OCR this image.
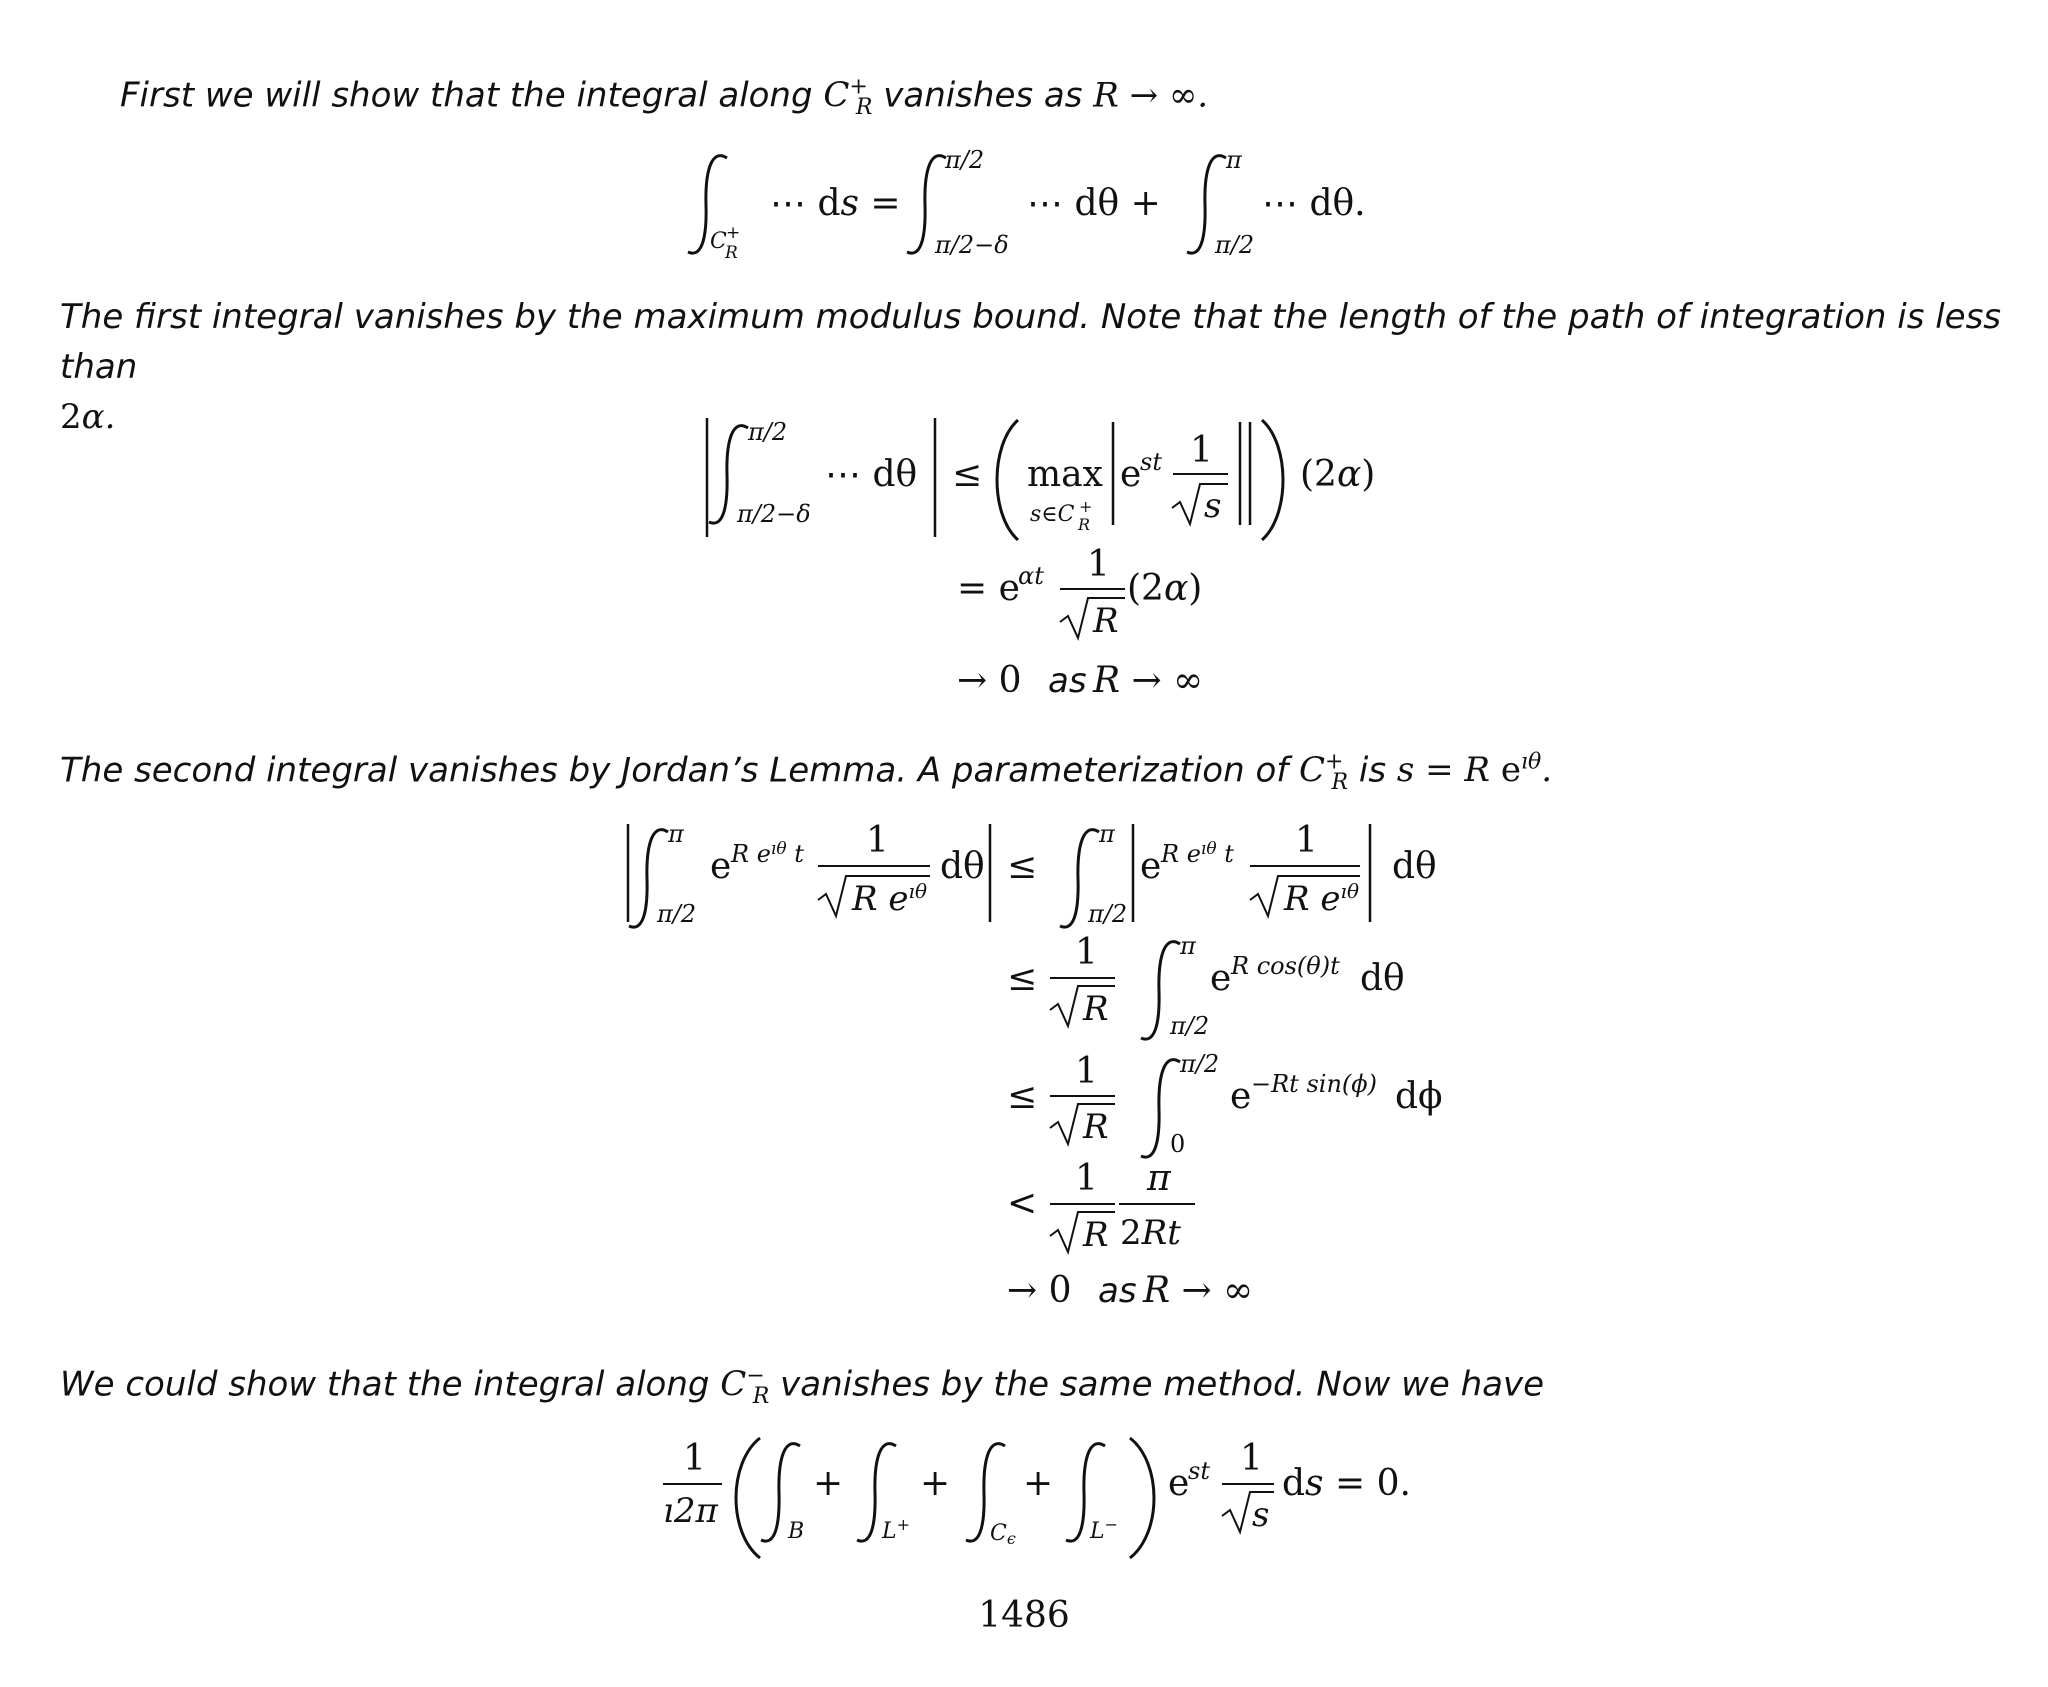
First we will show that the integral along $C^+_R$ vanishes as R → ∞.
C +
R
⋯ ds =
π/2
π/2−δ
⋯ dθ +
π
π/2
⋯ dθ.
The first integral vanishes by the maximum modulus bound. Note that the length of the path of integration is less than
2α.	π/2
π/2−δ
⋯ dθ ≤ max
s∈C +
R
e
st 1
s
(2α)
= e
αt 1
R
(2α)
→ 0 as R → ∞
The second integral vanishes by Jordan’s Lemma. A parameterization of $C^+_R$ is s = R $e^{ı\theta}$.
π
π/2
e R $e^{ı\theta}$ t 1
R $e^{ı\theta}$
dθ ≤
π
π/2
e R $e^{ı\theta}$ t 1
R $e^{ı\theta}$
dθ
≤
1
R
π
π/2
e R cos(θ)t dθ
≤
1
R
π/2
0
e −Rt sin(ϕ) dϕ
<
1
R
π
2Rt
→ 0 as R → ∞
We could show that the integral along $C^-_R$ vanishes by the same method. Now we have
1
ı2π
B
+
L+
+
Cϵ
+
L−
e
st 1
s
ds = 0.
1486
